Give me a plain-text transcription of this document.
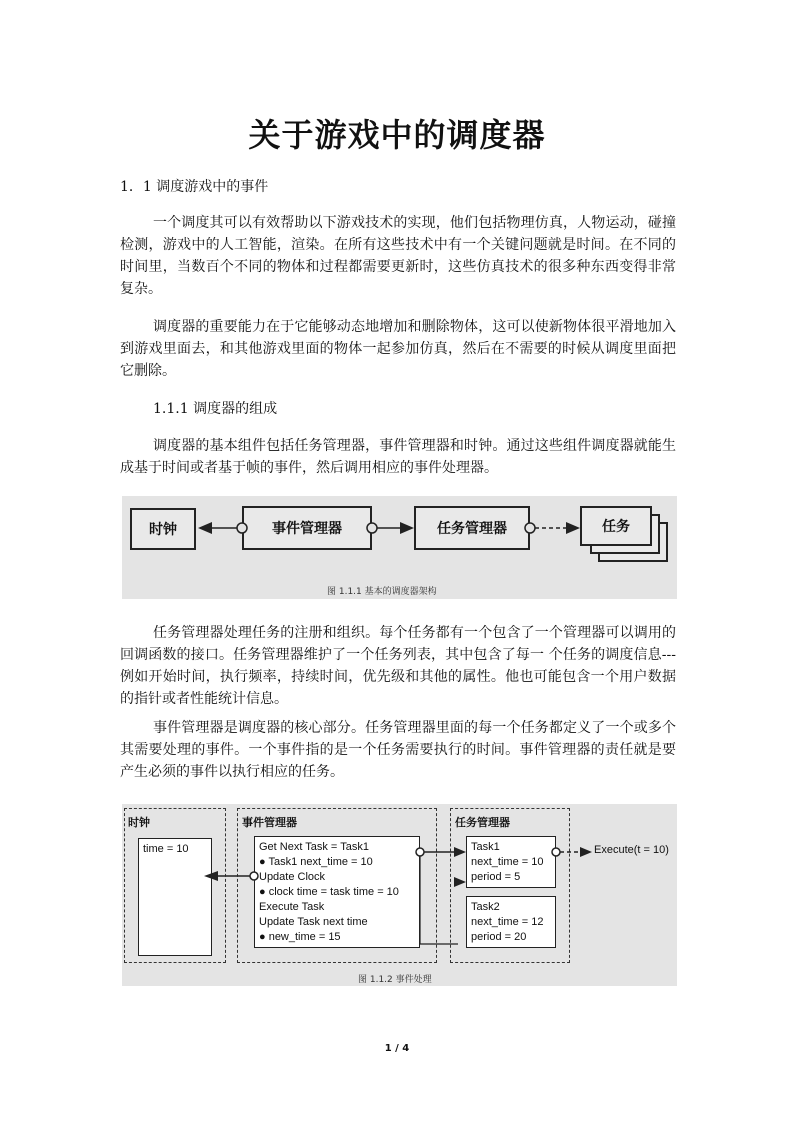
关于游戏中的调度器
1．1 调度游戏中的事件

一个调度其可以有效帮助以下游戏技术的实现，他们包括物理仿真，人物运动，碰撞检测，游戏中的人工智能，渲染。在所有这些技术中有一个关键问题就是时间。在不同的时间里，当数百个不同的物体和过程都需要更新时，这些仿真技术的很多种东西变得非常复杂。

调度器的重要能力在于它能够动态地增加和删除物体，这可以使新物体很平滑地加入到游戏里面去，和其他游戏里面的物体一起参加仿真，然后在不需要的时候从调度里面把它删除。

1.1.1 调度器的组成

调度器的基本组件包括任务管理器，事件管理器和时钟。通过这些组件调度器就能生成基于时间或者基于帧的事件，然后调用相应的事件处理器。

时钟	事件管理器	任务管理器	任务
图 1.1.1 基本的调度器架构

任务管理器处理任务的注册和组织。每个任务都有一个包含了一个管理器可以调用的回调函数的接口。任务管理器维护了一个任务列表，其中包含了每一 个任务的调度信息---例如开始时间，执行频率，持续时间，优先级和其他的属性。他也可能包含一个用户数据的指针或者性能统计信息。

事件管理器是调度器的核心部分。任务管理器里面的每一个任务都定义了一个或多个其需要处理的事件。一个事件指的是一个任务需要执行的时间。事件管理器的责任就是要产生必须的事件以执行相应的任务。

时钟
time = 10
事件管理器
Get Next Task = Task1
● Task1 next_time = 10
Update Clock
● clock time = task time = 10
Execute Task
Update Task next time
● new_time = 15
任务管理器
Task1
next_time = 10
period = 5
Task2
next_time = 12
period = 20
Execute(t = 10)
图 1.1.2 事件处理
1 / 4
